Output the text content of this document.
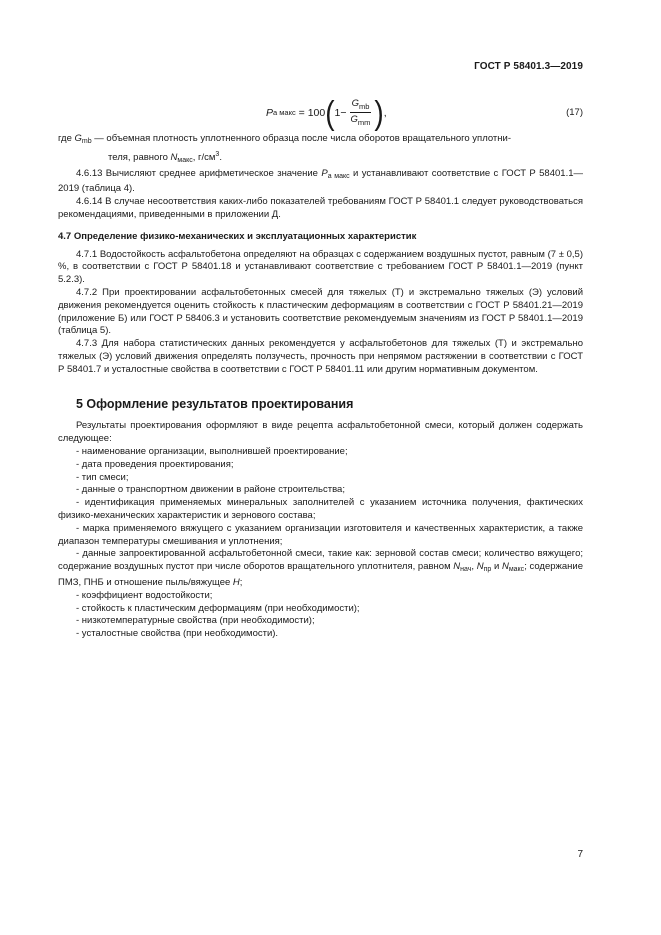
ГОСТ Р 58401.3—2019
P a макс = 100 ( $1- \frac{G_{mb}}{G_{mm}}$ ) ,	(17)

где $G_{mb}$ — объемная плотность уплотненного образца после числа оборотов вращательного уплотни-

теля, равного $N_{макс}$, $г/см^3$.

4.6.13 Вычисляют среднее арифметическое значение $P_{a макс}$ и устанавливают соответствие с ГОСТ Р 58401.1—2019 (таблица 4).

4.6.14 В случае несоответствия каких-либо показателей требованиям ГОСТ Р 58401.1 следует руководствоваться рекомендациями, приведенными в приложении Д.

4.7 Определение физико-механических и эксплуатационных характеристик

4.7.1 Водостойкость асфальтобетона определяют на образцах с содержанием воздушных пустот, равным (7 ± 0,5) %, в соответствии с ГОСТ Р 58401.18 и устанавливают соответствие с требованием ГОСТ Р 58401.1—2019 (пункт 5.2.3).

4.7.2 При проектировании асфальтобетонных смесей для тяжелых (Т) и экстремально тяжелых (Э) условий движения рекомендуется оценить стойкость к пластическим деформациям в соответствии с ГОСТ Р 58401.21—2019 (приложение Б) или ГОСТ Р 58406.3 и установить соответствие рекомендуемым значениям из ГОСТ Р 58401.1—2019 (таблица 5).

4.7.3 Для набора статистических данных рекомендуется у асфальтобетонов для тяжелых (Т) и экстремально тяжелых (Э) условий движения определять ползучесть, прочность при непрямом растяжении в соответствии с ГОСТ Р 58401.7 и усталостные свойства в соответствии с ГОСТ Р 58401.11 или другим нормативным документом.

5 Оформление результатов проектирования

Результаты проектирования оформляют в виде рецепта асфальтобетонной смеси, который должен содержать следующее:

- наименование организации, выполнившей проектирование;

- дата проведения проектирования;

- тип смеси;

- данные о транспортном движении в районе строительства;

- идентификация применяемых минеральных заполнителей с указанием источника получения, фактических физико-механических характеристик и зернового состава;

- марка применяемого вяжущего с указанием организации изготовителя и качественных характеристик, а также диапазон температуры смешивания и уплотнения;

- данные запроектированной асфальтобетонной смеси, такие как: зерновой состав смеси; количество вяжущего; содержание воздушных пустот при числе оборотов вращательного уплотнителя, равном $N_{нач}$, $N_{пр}$ и $N_{макс}$; содержание ПМЗ, ПНБ и отношение пыль/вяжущее H;

- коэффициент водостойкости;

- стойкость к пластическим деформациям (при необходимости);

- низкотемпературные свойства (при необходимости);

- усталостные свойства (при необходимости).

7
